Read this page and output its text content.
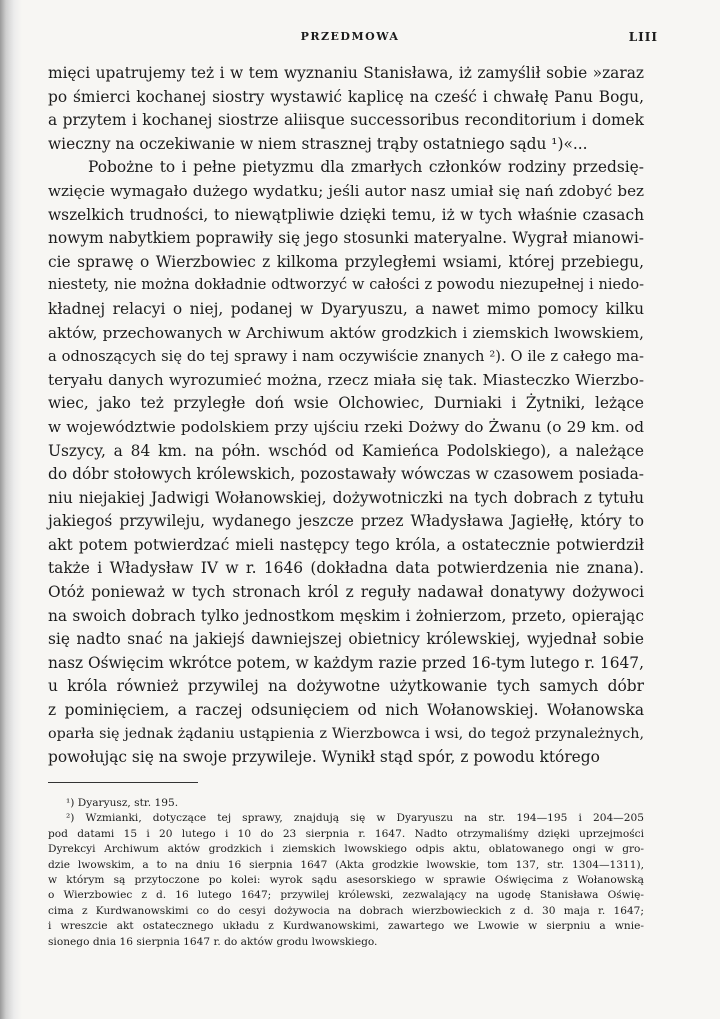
PRZEDMOWA	LIII

mięci upatrujemy też i w tem wyznaniu Stanisława, iż zamyślił sobie »zaraz
po śmierci kochanej siostry wystawić kaplicę na cześć i chwałę Panu Bogu,
a przytem i kochanej siostrze aliisque successoribus reconditorium i domek
wieczny na oczekiwanie w niem strasznej trąby ostatniego sądu ¹)«...

Pobożne to i pełne pietyzmu dla zmarłych członków rodziny przedsię-
wzięcie wymagało dużego wydatku; jeśli autor nasz umiał się nań zdobyć bez
wszelkich trudności, to niewątpliwie dzięki temu, iż w tych właśnie czasach
nowym nabytkiem poprawiły się jego stosunki materyalne. Wygrał mianowi-
cie sprawę o Wierzbowiec z kilkoma przyległemi wsiami, której przebiegu,
niestety, nie można dokładnie odtworzyć w całości z powodu niezupełnej i niedo-
kładnej relacyi o niej, podanej w Dyaryuszu, a nawet mimo pomocy kilku
aktów, przechowanych w Archiwum aktów grodzkich i ziemskich lwowskiem,
a odnoszących się do tej sprawy i nam oczywiście znanych ²). O ile z całego ma-
teryału danych wyrozumieć można, rzecz miała się tak. Miasteczko Wierzbo-
wiec, jako też przyległe doń wsie Olchowiec, Durniaki i Żytniki, leżące
w województwie podolskiem przy ujściu rzeki Dożwy do Żwanu (o 29 km. od
Uszycy, a 84 km. na półn. wschód od Kamieńca Podolskiego), a należące
do dóbr stołowych królewskich, pozostawały wówczas w czasowem posiada-
niu niejakiej Jadwigi Wołanowskiej, dożywotniczki na tych dobrach z tytułu
jakiegoś przywileju, wydanego jeszcze przez Władysława Jagiełłę, który to
akt potem potwierdzać mieli następcy tego króla, a ostatecznie potwierdził
także i Władysław IV w r. 1646 (dokładna data potwierdzenia nie znana).
Otóż ponieważ w tych stronach król z reguły nadawał donatywy dożywoci
na swoich dobrach tylko jednostkom męskim i żołnierzom, przeto, opierając
się nadto snać na jakiejś dawniejszej obietnicy królewskiej, wyjednał sobie
nasz Oświęcim wkrótce potem, w każdym razie przed 16-tym lutego r. 1647,
u króla również przywilej na dożywotne użytkowanie tych samych dóbr
z pominięciem, a raczej odsunięciem od nich Wołanowskiej. Wołanowska
oparła się jednak żądaniu ustąpienia z Wierzbowca i wsi, do tegoż przynależnych,
powołując się na swoje przywileje. Wynikł stąd spór, z powodu którego

¹) Dyaryusz, str. 195.
²) Wzmianki, dotyczące tej sprawy, znajdują się w Dyaryuszu na str. 194—195 i 204—205
pod datami 15 i 20 lutego i 10 do 23 sierpnia r. 1647. Nadto otrzymaliśmy dzięki uprzejmości
Dyrekcyi Archiwum aktów grodzkich i ziemskich lwowskiego odpis aktu, oblatowanego ongi w gro-
dzie lwowskim, a to na dniu 16 sierpnia 1647 (Akta grodzkie lwowskie, tom 137, str. 1304—1311),
w którym są przytoczone po kolei: wyrok sądu asesorskiego w sprawie Oświęcima z Wołanowską
o Wierzbowiec z d. 16 lutego 1647; przywilej królewski, zezwalający na ugodę Stanisława Oświę-
cima z Kurdwanowskimi co do cesyi dożywocia na dobrach wierzbowieckich z d. 30 maja r. 1647;
i wreszcie akt ostatecznego układu z Kurdwanowskimi, zawartego we Lwowie w sierpniu a wnie-
sionego dnia 16 sierpnia 1647 r. do aktów grodu lwowskiego.
